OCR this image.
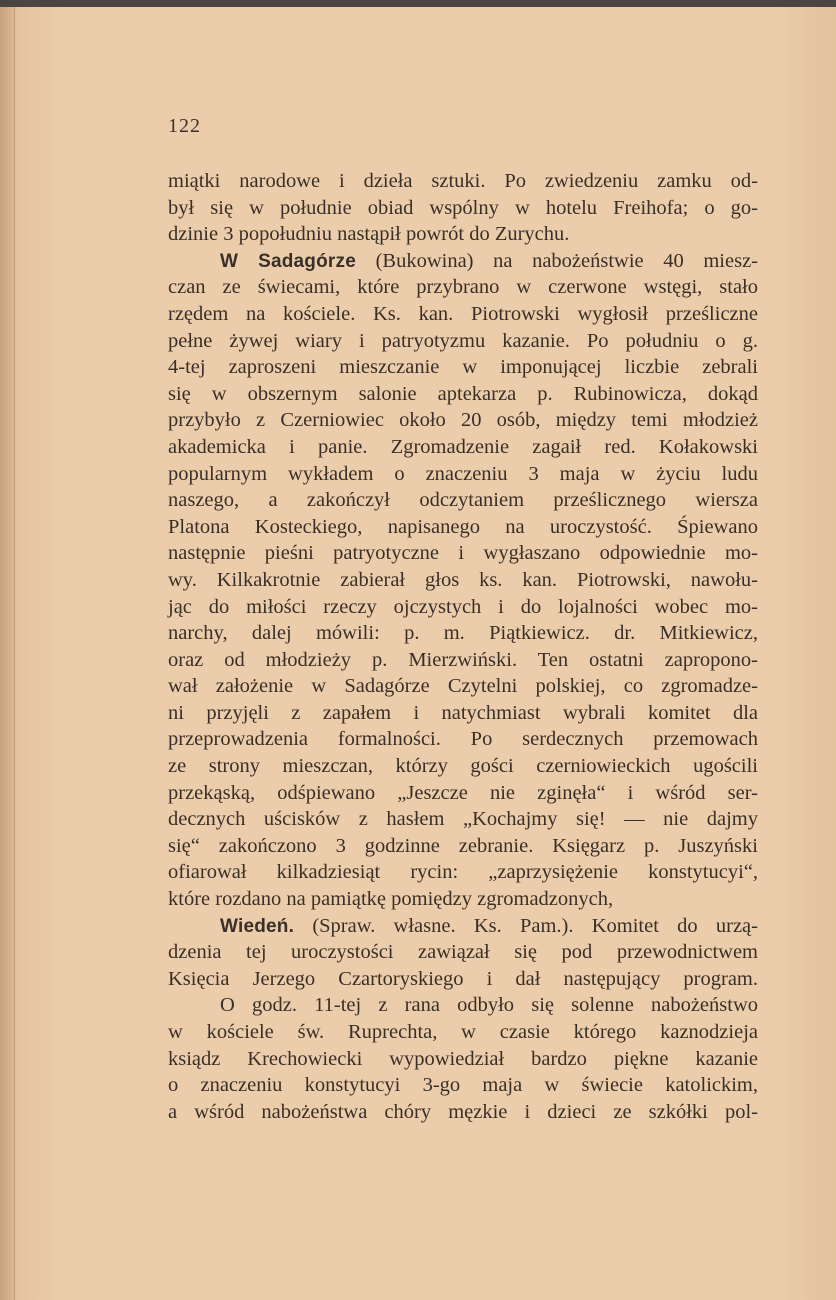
122
miątki narodowe i dzieła sztuki. Po zwiedzeniu zamku od-
był się w południe obiad wspólny w hotelu Freihofa; o go-
dzinie 3 popołudniu nastąpił powrót do Zurychu.
W Sadagórze (Bukowina) na nabożeństwie 40 miesz-
czan ze świecami, które przybrano w czerwone wstęgi, stało
rzędem na kościele. Ks. kan. Piotrowski wygłosił prześliczne
pełne żywej wiary i patryotyzmu kazanie. Po południu o g.
4-tej zaproszeni mieszczanie w imponującej liczbie zebrali
się w obszernym salonie aptekarza p. Rubinowicza, dokąd
przybyło z Czerniowiec około 20 osób, między temi młodzież
akademicka i panie. Zgromadzenie zagaił red. Kołakowski
popularnym wykładem o znaczeniu 3 maja w życiu ludu
naszego, a zakończył odczytaniem prześlicznego wiersza
Platona Kosteckiego, napisanego na uroczystość. Śpiewano
następnie pieśni patryotyczne i wygłaszano odpowiednie mo-
wy. Kilkakrotnie zabierał głos ks. kan. Piotrowski, nawołu-
jąc do miłości rzeczy ojczystych i do lojalności wobec mo-
narchy, dalej mówili: p. m. Piątkiewicz. dr. Mitkiewicz,
oraz od młodzieży p. Mierzwiński. Ten ostatni zapropono-
wał założenie w Sadagórze Czytelni polskiej, co zgromadze-
ni przyjęli z zapałem i natychmiast wybrali komitet dla
przeprowadzenia formalności. Po serdecznych przemowach
ze strony mieszczan, którzy gości czerniowieckich ugościli
przekąską, odśpiewano „Jeszcze nie zginęła“ i wśród ser-
decznych uścisków z hasłem „Kochajmy się! — nie dajmy
się“ zakończono 3 godzinne zebranie. Księgarz p. Juszyński
ofiarował kilkadziesiąt rycin: „zaprzysiężenie konstytucyi“,
które rozdano na pamiątkę pomiędzy zgromadzonych,
Wiedeń. (Spraw. własne. Ks. Pam.). Komitet do urzą-
dzenia tej uroczystości zawiązał się pod przewodnictwem
Księcia Jerzego Czartoryskiego i dał następujący program.
O godz. 11-tej z rana odbyło się solenne nabożeństwo
w kościele św. Ruprechta, w czasie którego kaznodzieja
ksiądz Krechowiecki wypowiedział bardzo piękne kazanie
o znaczeniu konstytucyi 3-go maja w świecie katolickim,
a wśród nabożeństwa chóry męzkie i dzieci ze szkółki pol-
